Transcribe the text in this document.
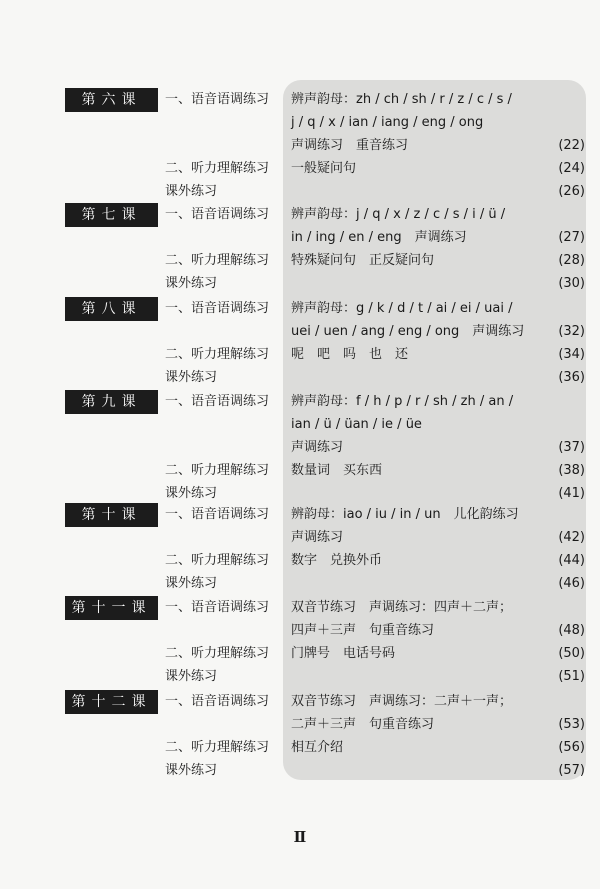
第六课	一、语音语调练习	辨声韵母：zh / ch / sh / r / z / c / s /
j / q / x / ian / iang / eng / ong
声调练习　重音练习	(22)
二、听力理解练习	一般疑问句	(24)
课外练习	(26)
第七课	一、语音语调练习	辨声韵母：j / q / x / z / c / s / i / ü /
in / ing / en / eng　声调练习	(27)
二、听力理解练习	特殊疑问句　正反疑问句	(28)
课外练习	(30)
第八课	一、语音语调练习	辨声韵母：g / k / d / t / ai / ei / uai /
uei / uen / ang / eng / ong　声调练习	(32)
二、听力理解练习	呢　吧　吗　也　还	(34)
课外练习	(36)
第九课	一、语音语调练习	辨声韵母：f / h / p / r / sh / zh / an /
ian / ü / üan / ie / üe
声调练习	(37)
二、听力理解练习	数量词　买东西	(38)
课外练习	(41)
第十课	一、语音语调练习	辨韵母：iao / iu / in / un　儿化韵练习
声调练习	(42)
二、听力理解练习	数字　兑换外币	(44)
课外练习	(46)
第十一课	一、语音语调练习	双音节练习　声调练习：四声＋二声；
四声＋三声　句重音练习	(48)
二、听力理解练习	门牌号　电话号码	(50)
课外练习	(51)
第十二课	一、语音语调练习	双音节练习　声调练习：二声＋一声；
二声＋三声　句重音练习	(53)
二、听力理解练习	相互介绍	(56)
课外练习	(57)
Ⅱ
